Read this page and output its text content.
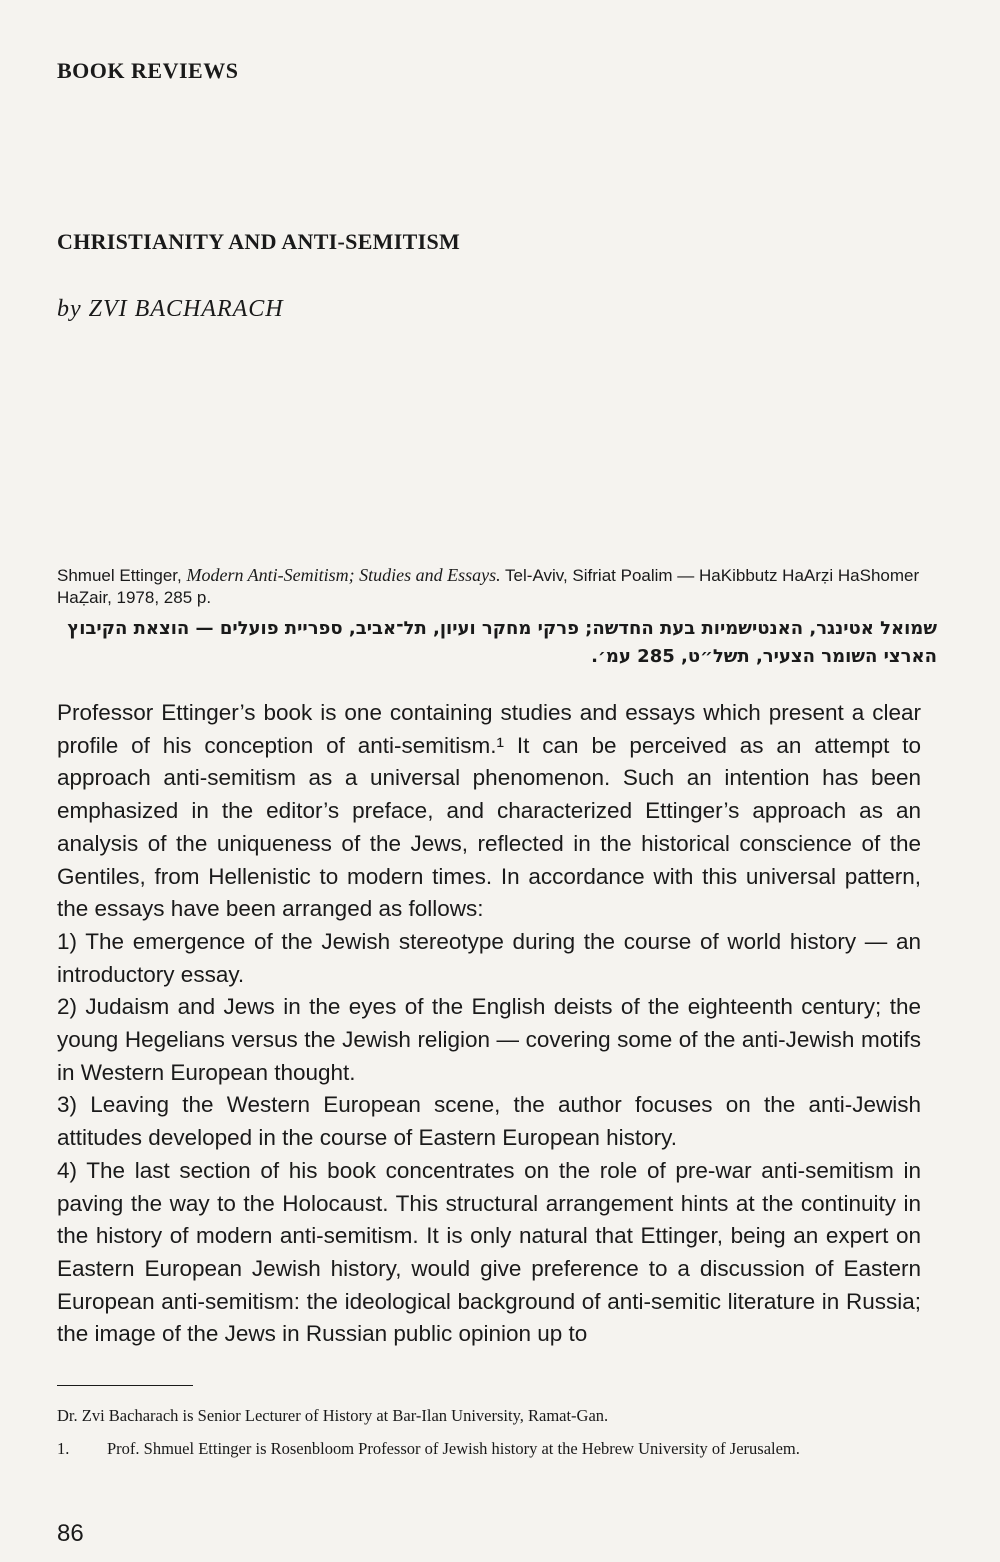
BOOK REVIEWS
CHRISTIANITY AND ANTI-SEMITISM
by ZVI BACHARACH
Shmuel Ettinger, Modern Anti-Semitism; Studies and Essays. Tel-Aviv, Sifriat Poalim — HaKibbutz HaArẓi HaShomer HaẒair, 1978, 285 p.
שמואל אטינגר, האנטישמיות בעת החדשה; פרקי מחקר ועיון, תל־אביב, ספריית פועלים — הוצאת הקיבוץ
הארצי השומר הצעיר, תשל״ט, 285 עמ׳.

Professor Ettinger’s book is one containing studies and essays which present a clear profile of his conception of anti-semitism.¹ It can be perceived as an attempt to approach anti-semitism as a universal phenomenon. Such an intention has been emphasized in the editor’s preface, and characterized Ettinger’s approach as an analysis of the uniqueness of the Jews, reflected in the historical conscience of the Gentiles, from Hellenistic to modern times. In accordance with this universal pattern, the essays have been arranged as follows:

1) The emergence of the Jewish stereotype during the course of world history — an introductory essay.

2) Judaism and Jews in the eyes of the English deists of the eighteenth century; the young Hegelians versus the Jewish religion — covering some of the anti-Jewish motifs in Western European thought.

3) Leaving the Western European scene, the author focuses on the anti-Jewish attitudes developed in the course of Eastern European history.

4) The last section of his book concentrates on the role of pre-war anti-semitism in paving the way to the Holocaust. This structural arrangement hints at the continuity in the history of modern anti-semitism. It is only natural that Ettinger, being an expert on Eastern European Jewish history, would give preference to a discussion of Eastern European anti-semitism: the ideological background of anti-semitic literature in Russia; the image of the Jews in Russian public opinion up to

Dr. Zvi Bacharach is Senior Lecturer of History at Bar-Ilan University, Ramat-Gan.
1. Prof. Shmuel Ettinger is Rosenbloom Professor of Jewish history at the Hebrew University of Jerusalem.
86
